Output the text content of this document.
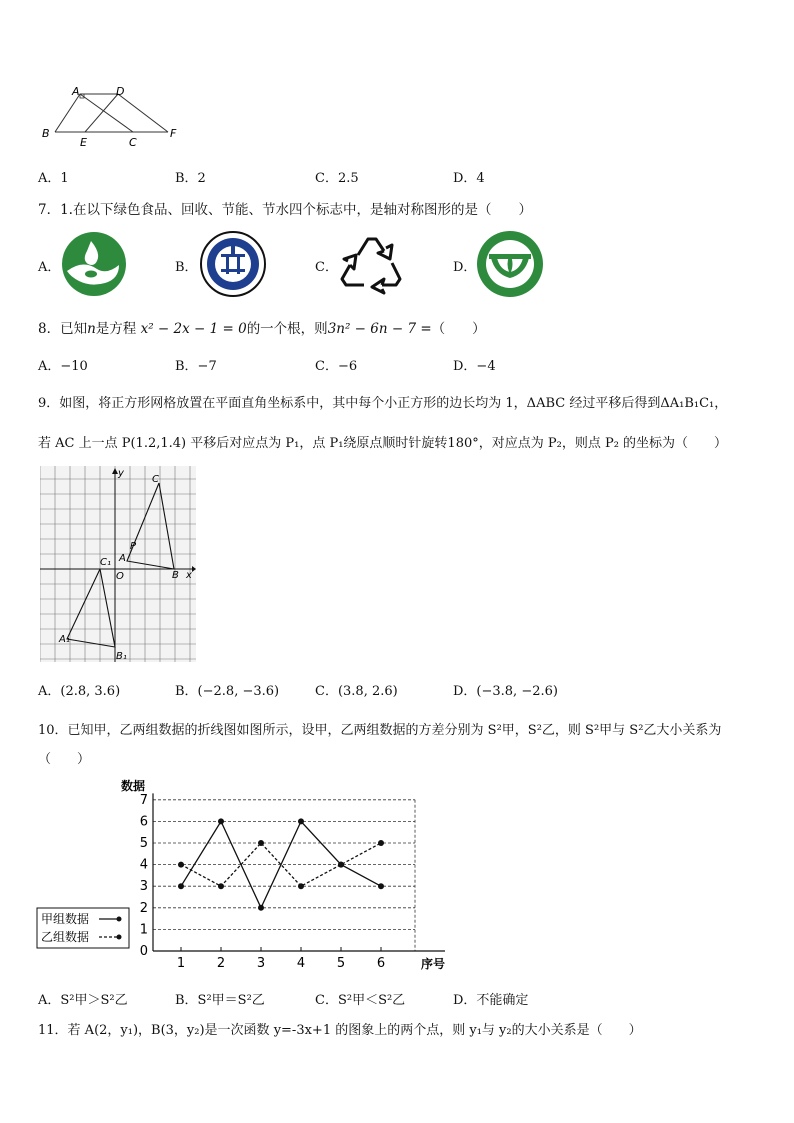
A	D
B
E	C
F
A．1	B．2	C．2.5	D．4
7．1.在以下绿色食品、回收、节能、节水四个标志中，是轴对称图形的是（　　）
A．	B．	C．	D．
8．已知n是方程 x² − 2x − 1 = 0的一个根，则3n² − 6n − 7 =（　　）
A．−10	B．−7	C．−6	D．−4
9．如图，将正方形网格放置在平面直角坐标系中，其中每个小正方形的边长均为 1，ΔABC 经过平移后得到ΔA₁B₁C₁，
若 AC 上一点 P(1.2,1.4) 平移后对应点为 P₁，点 P₁绕原点顺时针旋转180°，对应点为 P₂，则点 P₂ 的坐标为（　　）
y
x
C
P
A
O	B
C₁
A₁
B₁
A．(2.8, 3.6)	B．(−2.8, −3.6)	C．(3.8, 2.6)	D．(−3.8, −2.6)
10．已知甲，乙两组数据的折线图如图所示，设甲，乙两组数据的方差分别为 S²甲，S²乙，则 S²甲与 S²乙大小关系为
（　　）
数据
序号
0
1
2
3
4
5
6
7
1 2 3 4 5 6
甲组数据
乙组数据
A．S²甲＞S²乙	B．S²甲＝S²乙	C．S²甲＜S²乙	D．不能确定
11．若 A(2，y₁)，B(3，y₂)是一次函数 y=-3x+1 的图象上的两个点，则 y₁与 y₂的大小关系是（　　）
